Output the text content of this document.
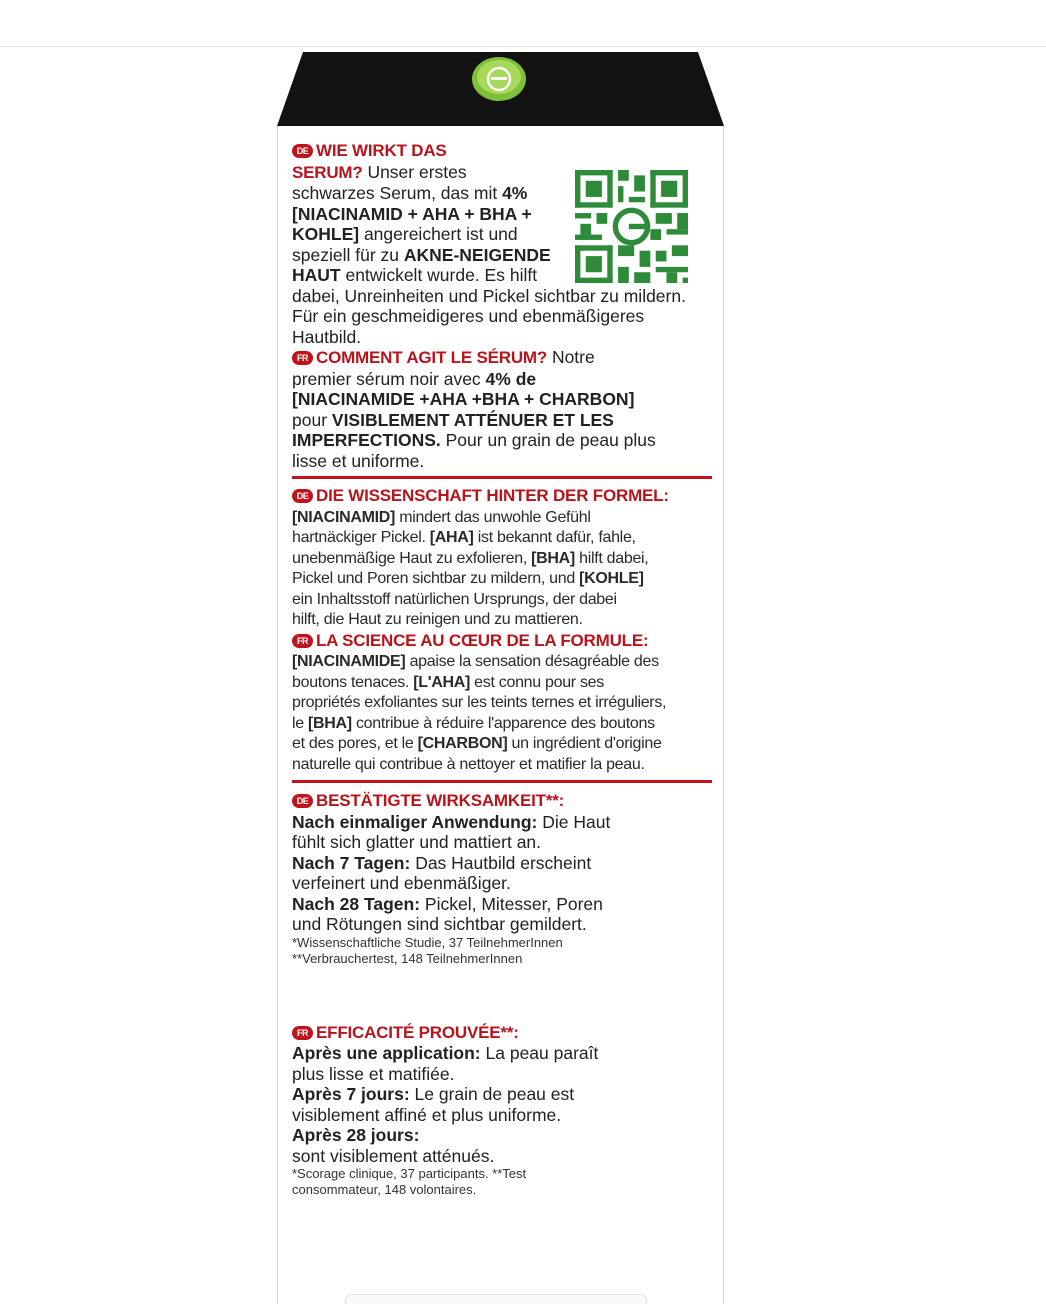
DE WIE WIRKT DAS

SERUM? Unser erstes

schwarzes Serum, das mit 4%

[NIACINAMID + AHA + BHA +

KOHLE] angereichert ist und

speziell für zu AKNE-NEIGENDE

HAUT entwickelt wurde. Es hilft

dabei, Unreinheiten und Pickel sichtbar zu mildern.

Für ein geschmeidigeres und ebenmäßigeres

Hautbild.

FR COMMENT AGIT LE SÉRUM? Notre

premier sérum noir avec 4% de

[NIACINAMIDE +AHA +BHA + CHARBON]

pour VISIBLEMENT ATTÉNUER ET LES

IMPERFECTIONS. Pour un grain de peau plus

lisse et uniforme.

DE DIE WISSENSCHAFT HINTER DER FORMEL:

[NIACINAMID] mindert das unwohle Gefühl

hartnäckiger Pickel. [AHA] ist bekannt dafür, fahle,

unebenmäßige Haut zu exfolieren, [BHA] hilft dabei,

Pickel und Poren sichtbar zu mildern, und [KOHLE]

ein Inhaltsstoff natürlichen Ursprungs, der dabei

hilft, die Haut zu reinigen und zu mattieren.

FR LA SCIENCE AU CŒUR DE LA FORMULE:

[NIACINAMIDE] apaise la sensation désagréable des

boutons tenaces. [L'AHA] est connu pour ses

propriétés exfoliantes sur les teints ternes et irréguliers,

le [BHA] contribue à réduire l'apparence des boutons

et des pores, et le [CHARBON] un ingrédient d'origine

naturelle qui contribue à nettoyer et matifier la peau.

DE BESTÄTIGTE WIRKSAMKEIT**:

Nach einmaliger Anwendung: Die Haut

fühlt sich glatter und mattiert an.

Nach 7 Tagen: Das Hautbild erscheint

verfeinert und ebenmäßiger.

Nach 28 Tagen: Pickel, Mitesser, Poren

und Rötungen sind sichtbar gemildert.

*Wissenschaftliche Studie, 37 TeilnehmerInnen

**Verbrauchertest, 148 TeilnehmerInnen

FR EFFICACITÉ PROUVÉE**:

Après une application: La peau paraît

plus lisse et matifiée.

Après 7 jours: Le grain de peau est

visiblement affiné et plus uniforme.

Après 28 jours:

sont visiblement atténués.

*Scorage clinique, 37 participants. **Test

consommateur, 148 volontaires.
